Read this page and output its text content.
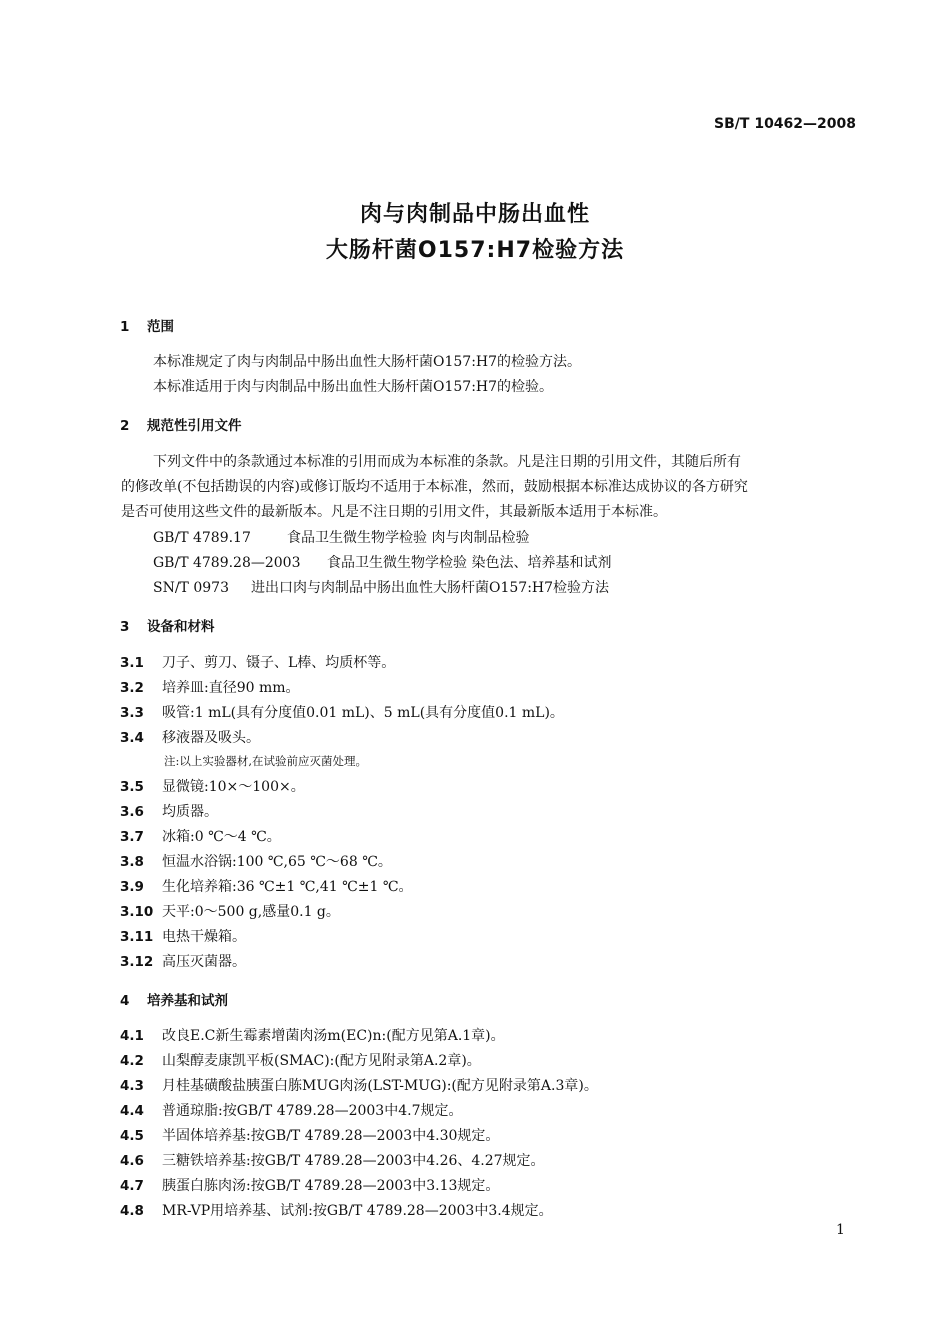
SB/T 10462—2008
肉与肉制品中肠出血性
大肠杆菌O157:H7检验方法
1 范围
本标准规定了肉与肉制品中肠出血性大肠杆菌O157:H7的检验方法。
本标准适用于肉与肉制品中肠出血性大肠杆菌O157:H7的检验。
2 规范性引用文件
下列文件中的条款通过本标准的引用而成为本标准的条款。凡是注日期的引用文件，其随后所有
的修改单(不包括勘误的内容)或修订版均不适用于本标准，然而，鼓励根据本标准达成协议的各方研究
是否可使用这些文件的最新版本。凡是不注日期的引用文件，其最新版本适用于本标准。
GB/T 4789.17	食品卫生微生物学检验 肉与肉制品检验
GB/T 4789.28—2003 食品卫生微生物学检验 染色法、培养基和试剂
SN/T 0973 进出口肉与肉制品中肠出血性大肠杆菌O157:H7检验方法
3 设备和材料
3.1 刀子、剪刀、镊子、L棒、均质杯等。
3.2 培养皿:直径90 mm。
3.3 吸管:1 mL(具有分度值0.01 mL)、5 mL(具有分度值0.1 mL)。
3.4 移液器及吸头。
注:以上实验器材,在试验前应灭菌处理。
3.5 显微镜:10×～100×。
3.6 均质器。
3.7 冰箱:0 ℃～4 ℃。
3.8 恒温水浴锅:100 ℃,65 ℃～68 ℃。
3.9 生化培养箱:36 ℃±1 ℃,41 ℃±1 ℃。
3.10 天平:0～500 g,感量0.1 g。
3.11 电热干燥箱。
3.12 高压灭菌器。
4 培养基和试剂
4.1 改良E.C新生霉素增菌肉汤m(EC)n:(配方见第A.1章)。
4.2 山梨醇麦康凯平板(SMAC):(配方见附录第A.2章)。
4.3 月桂基磺酸盐胰蛋白胨MUG肉汤(LST-MUG):(配方见附录第A.3章)。
4.4 普通琼脂:按GB/T 4789.28—2003中4.7规定。
4.5 半固体培养基:按GB/T 4789.28—2003中4.30规定。
4.6 三糖铁培养基:按GB/T 4789.28—2003中4.26、4.27规定。
4.7 胰蛋白胨肉汤:按GB/T 4789.28—2003中3.13规定。
4.8 MR-VP用培养基、试剂:按GB/T 4789.28—2003中3.4规定。
1
